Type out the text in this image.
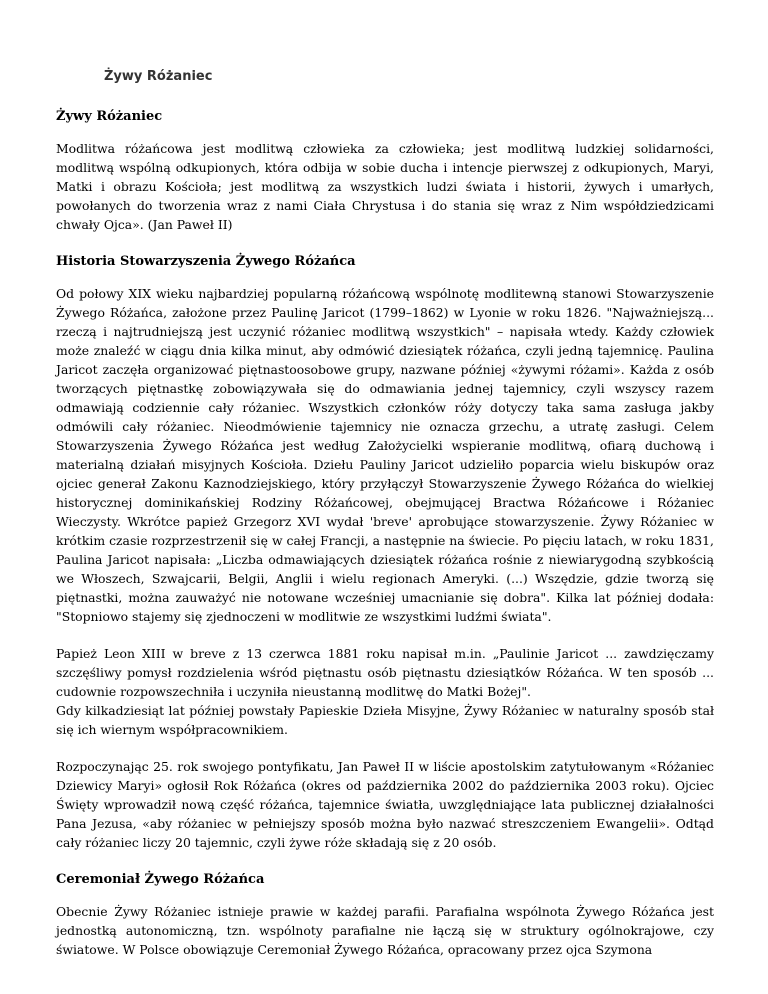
Żywy Różaniec
Żywy Różaniec

Modlitwa różańcowa jest modlitwą człowieka za człowieka; jest modlitwą ludzkiej solidarności, modlitwą wspólną odkupionych, która odbija w sobie ducha i intencje pierwszej z odkupionych, Maryi, Matki i obrazu Kościoła; jest modlitwą za wszystkich ludzi świata i historii, żywych i umarłych, powołanych do tworzenia wraz z nami Ciała Chrystusa i do stania się wraz z Nim współdziedzicami chwały Ojca». (Jan Paweł II)

Historia Stowarzyszenia Żywego Różańca

Od połowy XIX wieku najbardziej popularną różańcową wspólnotę modlitewną stanowi Stowarzyszenie Żywego Różańca, założone przez Paulinę Jaricot (1799–1862) w Lyonie w roku 1826. "Najważniejszą... rzeczą i najtrudniejszą jest uczynić różaniec modlitwą wszystkich" – napisała wtedy. Każdy człowiek może znaleźć w ciągu dnia kilka minut, aby odmówić dziesiątek różańca, czyli jedną tajemnicę. Paulina Jaricot zaczęła organizować piętnastoosobowe grupy, nazwane później «żywymi różami». Każda z osób tworzących piętnastkę zobowiązywała się do odmawiania jednej tajemnicy, czyli wszyscy razem odmawiają codziennie cały różaniec. Wszystkich członków róży dotyczy taka sama zasługa jakby odmówili cały różaniec. Nieodmówienie tajemnicy nie oznacza grzechu, a utratę zasługi. Celem Stowarzyszenia Żywego Różańca jest według Założycielki wspieranie modlitwą, ofiarą duchową i materialną działań misyjnych Kościoła. Dziełu Pauliny Jaricot udzieliło poparcia wielu biskupów oraz ojciec generał Zakonu Kaznodziejskiego, który przyłączył Stowarzyszenie Żywego Różańca do wielkiej historycznej dominikańskiej Rodziny Różańcowej, obejmującej Bractwa Różańcowe i Różaniec Wieczysty. Wkrótce papież Grzegorz XVI wydał 'breve' aprobujące stowarzyszenie. Żywy Różaniec w krótkim czasie rozprzestrzenił się w całej Francji, a następnie na świecie. Po pięciu latach, w roku 1831, Paulina Jaricot napisała: „Liczba odmawiających dziesiątek różańca rośnie z niewiarygodną szybkością we Włoszech, Szwajcarii, Belgii, Anglii i wielu regionach Ameryki. (...) Wszędzie, gdzie tworzą się piętnastki, można zauważyć nie notowane wcześniej umacnianie się dobra". Kilka lat później dodała: "Stopniowo stajemy się zjednoczeni w modlitwie ze wszystkimi ludźmi świata".

Papież Leon XIII w breve z 13 czerwca 1881 roku napisał m.in. „Paulinie Jaricot ... zawdzięczamy szczęśliwy pomysł rozdzielenia wśród piętnastu osób piętnastu dziesiątków Różańca. W ten sposób ... cudownie rozpowszechniła i uczyniła nieustanną modlitwę do Matki Bożej".
Gdy kilkadziesiąt lat później powstały Papieskie Dzieła Misyjne, Żywy Różaniec w naturalny sposób stał się ich wiernym współpracownikiem.

Rozpoczynając 25. rok swojego pontyfikatu, Jan Paweł II w liście apostolskim zatytułowanym «Różaniec Dziewicy Maryi» ogłosił Rok Różańca (okres od października 2002 do października 2003 roku). Ojciec Święty wprowadził nową część różańca, tajemnice światła, uwzględniające lata publicznej działalności Pana Jezusa, «aby różaniec w pełniejszy sposób można było nazwać streszczeniem Ewangelii». Odtąd cały różaniec liczy 20 tajemnic, czyli żywe róże składają się z 20 osób.

Ceremoniał Żywego Różańca

Obecnie Żywy Różaniec istnieje prawie w każdej parafii. Parafialna wspólnota Żywego Różańca jest jednostką autonomiczną, tzn. wspólnoty parafialne nie łączą się w struktury ogólnokrajowe, czy światowe. W Polsce obowiązuje Ceremoniał Żywego Różańca, opracowany przez ojca Szymona
